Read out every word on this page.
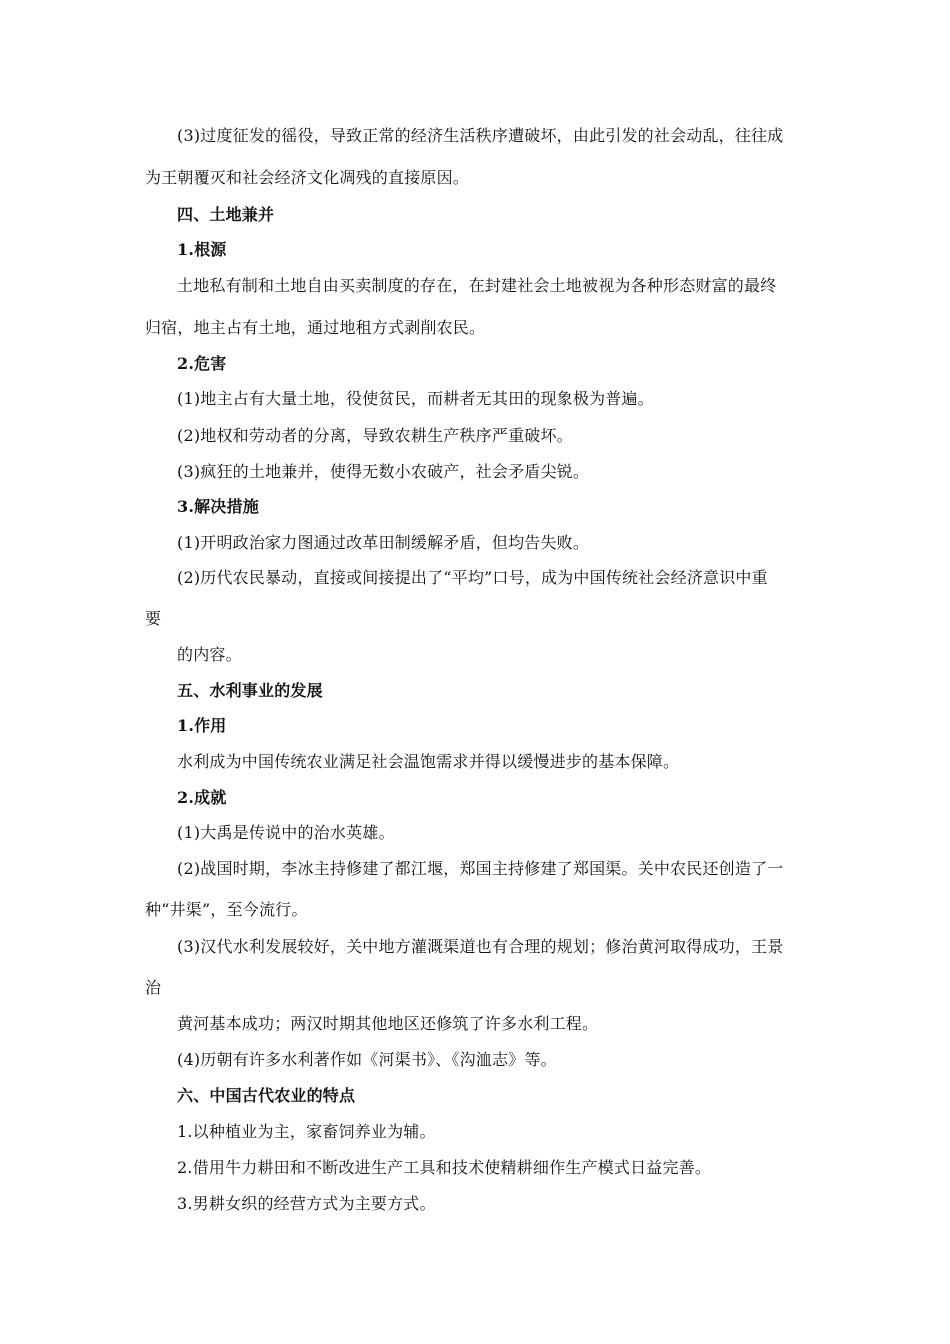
(3)过度征发的徭役，导致正常的经济生活秩序遭破坏，由此引发的社会动乱，往往成
为王朝覆灭和社会经济文化凋残的直接原因。
四、土地兼并
1.根源
土地私有制和土地自由买卖制度的存在，在封建社会土地被视为各种形态财富的最终
归宿，地主占有土地，通过地租方式剥削农民。
2.危害
(1)地主占有大量土地，役使贫民，而耕者无其田的现象极为普遍。
(2)地权和劳动者的分离，导致农耕生产秩序严重破坏。
(3)疯狂的土地兼并，使得无数小农破产，社会矛盾尖锐。
3.解决措施
(1)开明政治家力图通过改革田制缓解矛盾，但均告失败。
(2)历代农民暴动，直接或间接提出了“平均”口号，成为中国传统社会经济意识中重
要
的内容。
五、水利事业的发展
1.作用
水利成为中国传统农业满足社会温饱需求并得以缓慢进步的基本保障。
2.成就
(1)大禹是传说中的治水英雄。
(2)战国时期，李冰主持修建了都江堰，郑国主持修建了郑国渠。关中农民还创造了一
种“井渠”，至今流行。
(3)汉代水利发展较好，关中地方灌溉渠道也有合理的规划；修治黄河取得成功，王景
治
黄河基本成功；两汉时期其他地区还修筑了许多水利工程。
(4)历朝有许多水利著作如《河渠书》、《沟洫志》等。
六、中国古代农业的特点
1.以种植业为主，家畜饲养业为辅。
2.借用牛力耕田和不断改进生产工具和技术使精耕细作生产模式日益完善。
3.男耕女织的经营方式为主要方式。
